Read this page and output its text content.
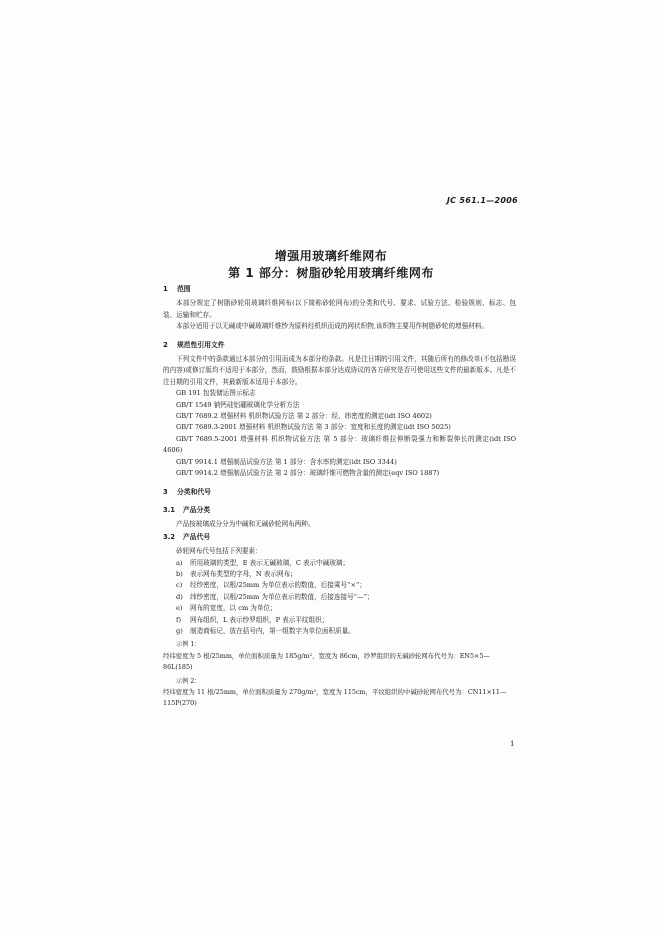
JC 561.1—2006
增强用玻璃纤维网布
第 1 部分：树脂砂轮用玻璃纤维网布
1 范围

本部分规定了树脂砂轮用玻璃纤维网布(以下简称砂轮网布)的分类和代号、要求、试验方法、检验规则、标志、包装、运输和贮存。

本部分适用于以无碱或中碱玻璃纤维纱为原料经机织而成的网状织物,该织物主要用作树脂砂轮的增强材料。

2 规范性引用文件

下列文件中的条款通过本部分的引用而成为本部分的条款。凡是注日期的引用文件，其随后所有的修改单(不包括勘误的内容)或修订版均不适用于本部分，然而，鼓励根据本部分达成协议的各方研究是否可使用这些文件的最新版本。凡是不注日期的引用文件，其最新版本适用于本部分。

GB 191 包装储运图示标志

GB/T 1549 钠钙硅铝硼玻璃化学分析方法

GB/T 7689.2 增强材料 机织物试验方法 第 2 部分：经、纬密度的测定(idt ISO 4602)

GB/T 7689.3-2001 增强材料 机织物试验方法 第 3 部分：宽度和长度的测定(idt ISO 5025)

GB/T 7689.5-2001 增强材料 机织物试验方法 第 5 部分：玻璃纤维拉伸断裂强力和断裂伸长的测定(idt ISO 4606)

GB/T 9914.1 增强制品试验方法 第 1 部分：含水率的测定(idt ISO 3344)

GB/T 9914.2 增强制品试验方法 第 2 部分：玻璃纤维可燃物含量的测定(eqv ISO 1887)

3 分类和代号
3.1 产品分类

产品按玻璃成分分为中碱和无碱砂轮网布两种。

3.2 产品代号

砂轮网布代号包括下列要素：

a) 所用玻璃的类型，E 表示无碱玻璃，C 表示中碱玻璃；

b) 表示网布类型的字母，N 表示网布；

c) 经纱密度，以根/25mm 为单位表示的数值，后接乘号“×”；

d) 纬纱密度，以根/25mm 为单位表示的数值，后接连接号“—”；

e) 网布的宽度，以 cm 为单位；

f) 网布组织，L 表示纱罗组织，P 表示平纹组织；

g) 制造商标记，放在括号内，第一组数字为单位面积质量。

示例 1：

经纬密度为 5 根/25mm，单位面积质量为 185g/m²，宽度为 86cm，纱罗组织的无碱砂轮网布代号为：EN5×5—86L(185)

示例 2：

经纬密度为 11 根/25mm，单位面积质量为 270g/m²，宽度为 115cm，平纹组织的中碱砂轮网布代号为：CN11×11—115P(270)

1
